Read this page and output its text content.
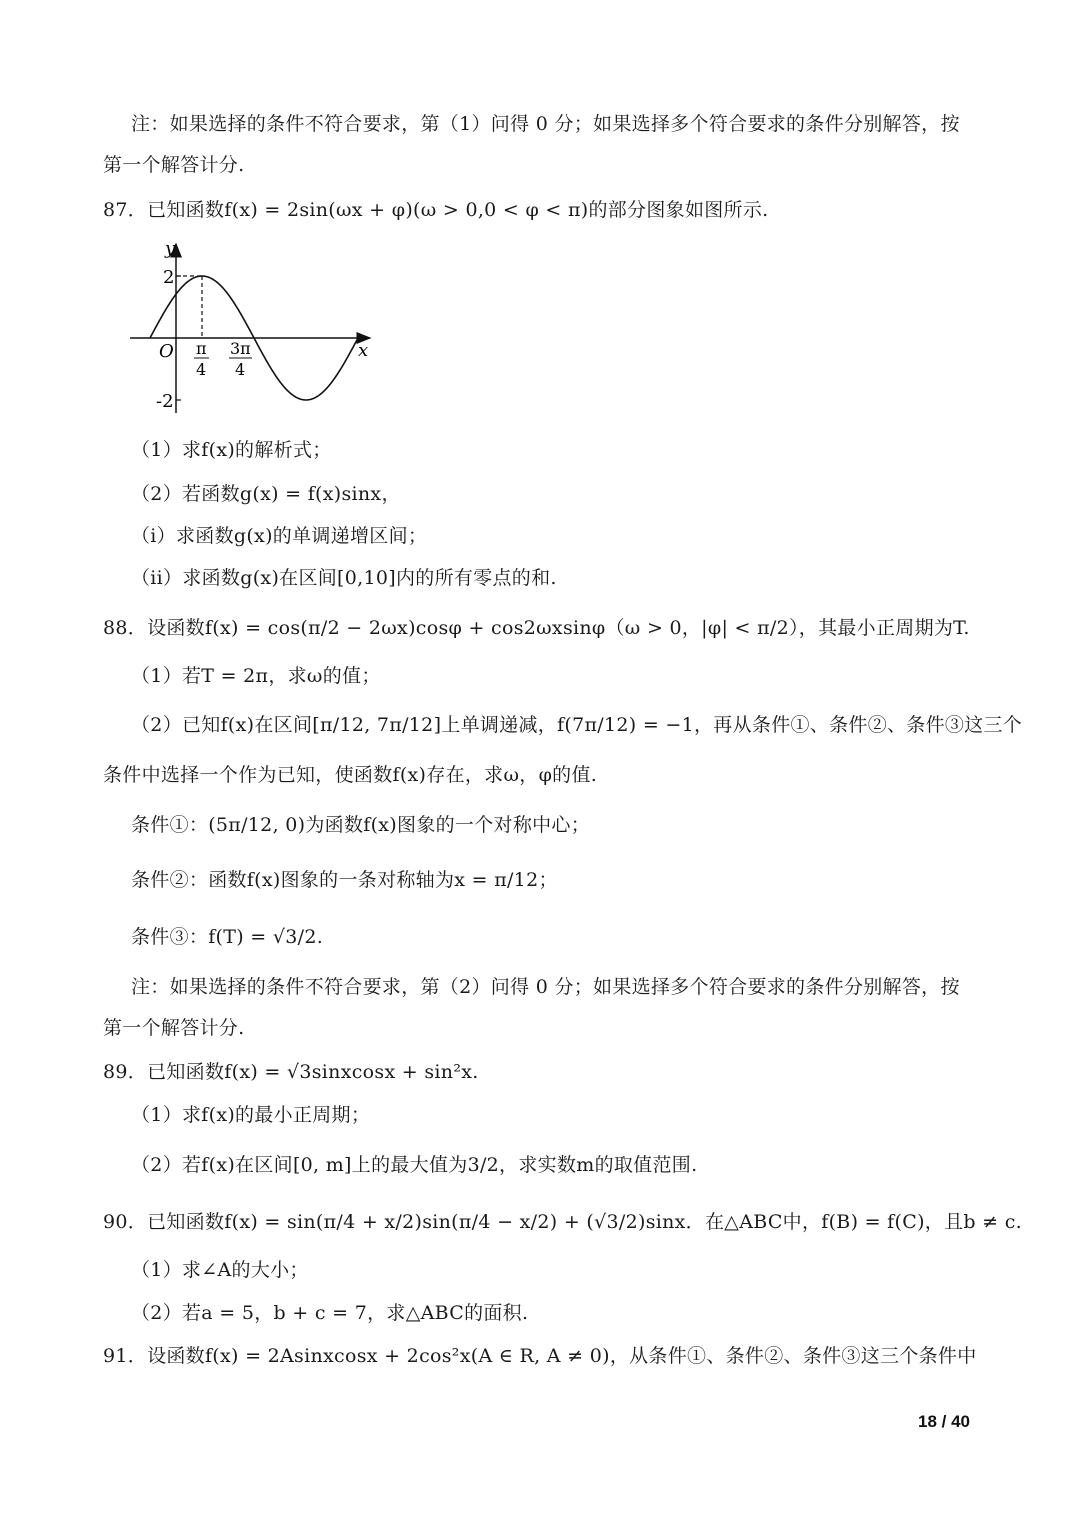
注：如果选择的条件不符合要求，第（1）问得 0 分；如果选择多个符合要求的条件分别解答，按
第一个解答计分.
87．已知函数f(x) = 2sin(ωx + φ)(ω > 0,0 < φ < π)的部分图象如图所示.
y
x
O
2
-2
π
4
3π
4
（1）求f(x)的解析式；
（2）若函数g(x) = f(x)sinx，
（i）求函数g(x)的单调递增区间；
（ii）求函数g(x)在区间[0,10]内的所有零点的和.
88．设函数f(x) = cos(π/2 − 2ωx)cosφ + cos2ωxsinφ（ω > 0，|φ| < π/2），其最小正周期为T.
（1）若T = 2π，求ω的值；
（2）已知f(x)在区间[π/12, 7π/12]上单调递减，f(7π/12) = −1，再从条件①、条件②、条件③这三个
条件中选择一个作为已知，使函数f(x)存在，求ω，φ的值.
条件①：(5π/12, 0)为函数f(x)图象的一个对称中心；
条件②：函数f(x)图象的一条对称轴为x = π/12；
条件③：f(T) = √3/2.
注：如果选择的条件不符合要求，第（2）问得 0 分；如果选择多个符合要求的条件分别解答，按
第一个解答计分.
89．已知函数f(x) = √3sinxcosx + sin²x.
（1）求f(x)的最小正周期；
（2）若f(x)在区间[0, m]上的最大值为3/2，求实数m的取值范围.
90．已知函数f(x) = sin(π/4 + x/2)sin(π/4 − x/2) + (√3/2)sinx．在△ABC中，f(B) = f(C)，且b ≠ c.
（1）求∠A的大小；
（2）若a = 5，b + c = 7，求△ABC的面积.
91．设函数f(x) = 2Asinxcosx + 2cos²x(A ∈ R, A ≠ 0)，从条件①、条件②、条件③这三个条件中
18 / 40
